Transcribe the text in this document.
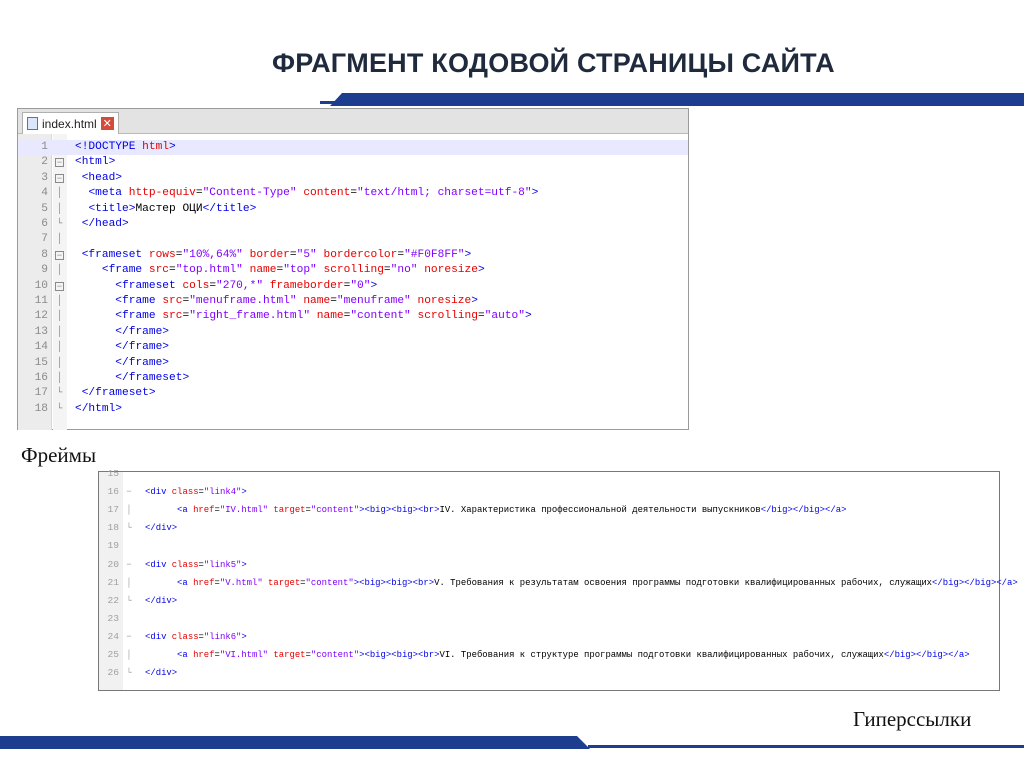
ФРАГМЕНТ КОДОВОЙ СТРАНИЦЫ САЙТА
index.html ✕
1 <!DOCTYPE html>
2 − <html>
3 −	<head>
4 │	<meta http-equiv="Content-Type" content="text/html; charset=utf-8">
5 │	<title>Мастер ОЦИ</title>
6 └	</head>
7 │
8 −	<frameset rows="10%,64%" border="5" bordercolor="#F0F8FF">
9 │	<frame src="top.html" name="top" scrolling="no" noresize>
10 −	<frameset cols="270,*" frameborder="0">
11 │	<frame src="menuframe.html" name="menuframe" noresize>
12 │	<frame src="right_frame.html" name="content" scrolling="auto">
13 │	</frame>
14 │	</frame>
15 │	</frame>
16 │	</frameset>
17 └	</frameset>
18 └ </html>
Фреймы
15
16 − <div class="link4">
17 │	<a href="IV.html" target="content"><big><big><br>IV. Характеристика профессиональной деятельности выпускников</big></big></a>
18 └ </div>
19
20 − <div class="link5">
21 │	<a href="V.html" target="content"><big><big><br>V. Требования к результатам освоения программы подготовки квалифицированных рабочих, служащих</big></big></a>
22 └ </div>
23
24 − <div class="link6">
25 │	<a href="VI.html" target="content"><big><big><br>VI. Требования к структуре программы подготовки квалифицированных рабочих, служащих</big></big></a>
26 └ </div>
Гиперссылки
